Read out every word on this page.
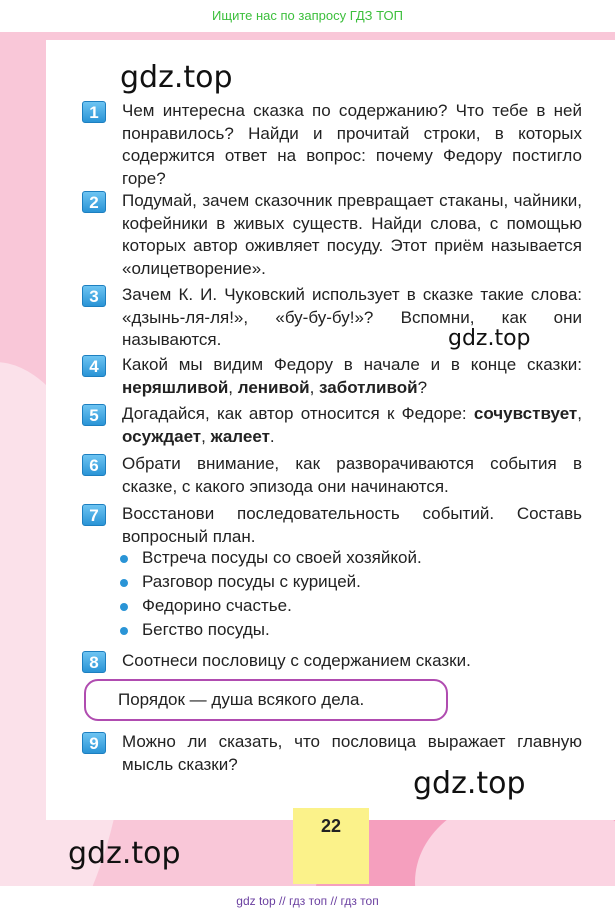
Ищите нас по запросу ГДЗ ТОП
gdz.top
1	Чем интересна сказка по содержанию? Что тебе в ней понравилось? Найди и прочитай строки, в которых содержится ответ на вопрос: почему Федору постигло горе?
2	Подумай, зачем сказочник превращает стаканы, чайники, кофейники в живых существ. Найди слова, с помощью которых автор оживляет посуду. Этот приём называется «олицетворение».
3	Зачем К. И. Чуковский использует в сказке такие слова: «дзынь-ля-ля!», «бу-бу-бу!»? Вспомни, как они называются.	gdz.top
4	Какой мы видим Федору в начале и в конце сказки: неряшливой, ленивой, заботливой?
5	Догадайся, как автор относится к Федоре: сочувствует, осуждает, жалеет.
6	Обрати внимание, как разворачиваются события в сказке, с какого эпизода они начинаются.
7	Восстанови последовательность событий. Составь вопросный план.
Встреча посуды со своей хозяйкой.
Разговор посуды с курицей.
Федорино счастье.
Бегство посуды.
8	Соотнеси пословицу с содержанием сказки.
Порядок — душа всякого дела.
9	Можно ли сказать, что пословица выражает главную мысль сказки?
gdz.top
22
gdz.top
gdz top // гдз топ // гдз топ
